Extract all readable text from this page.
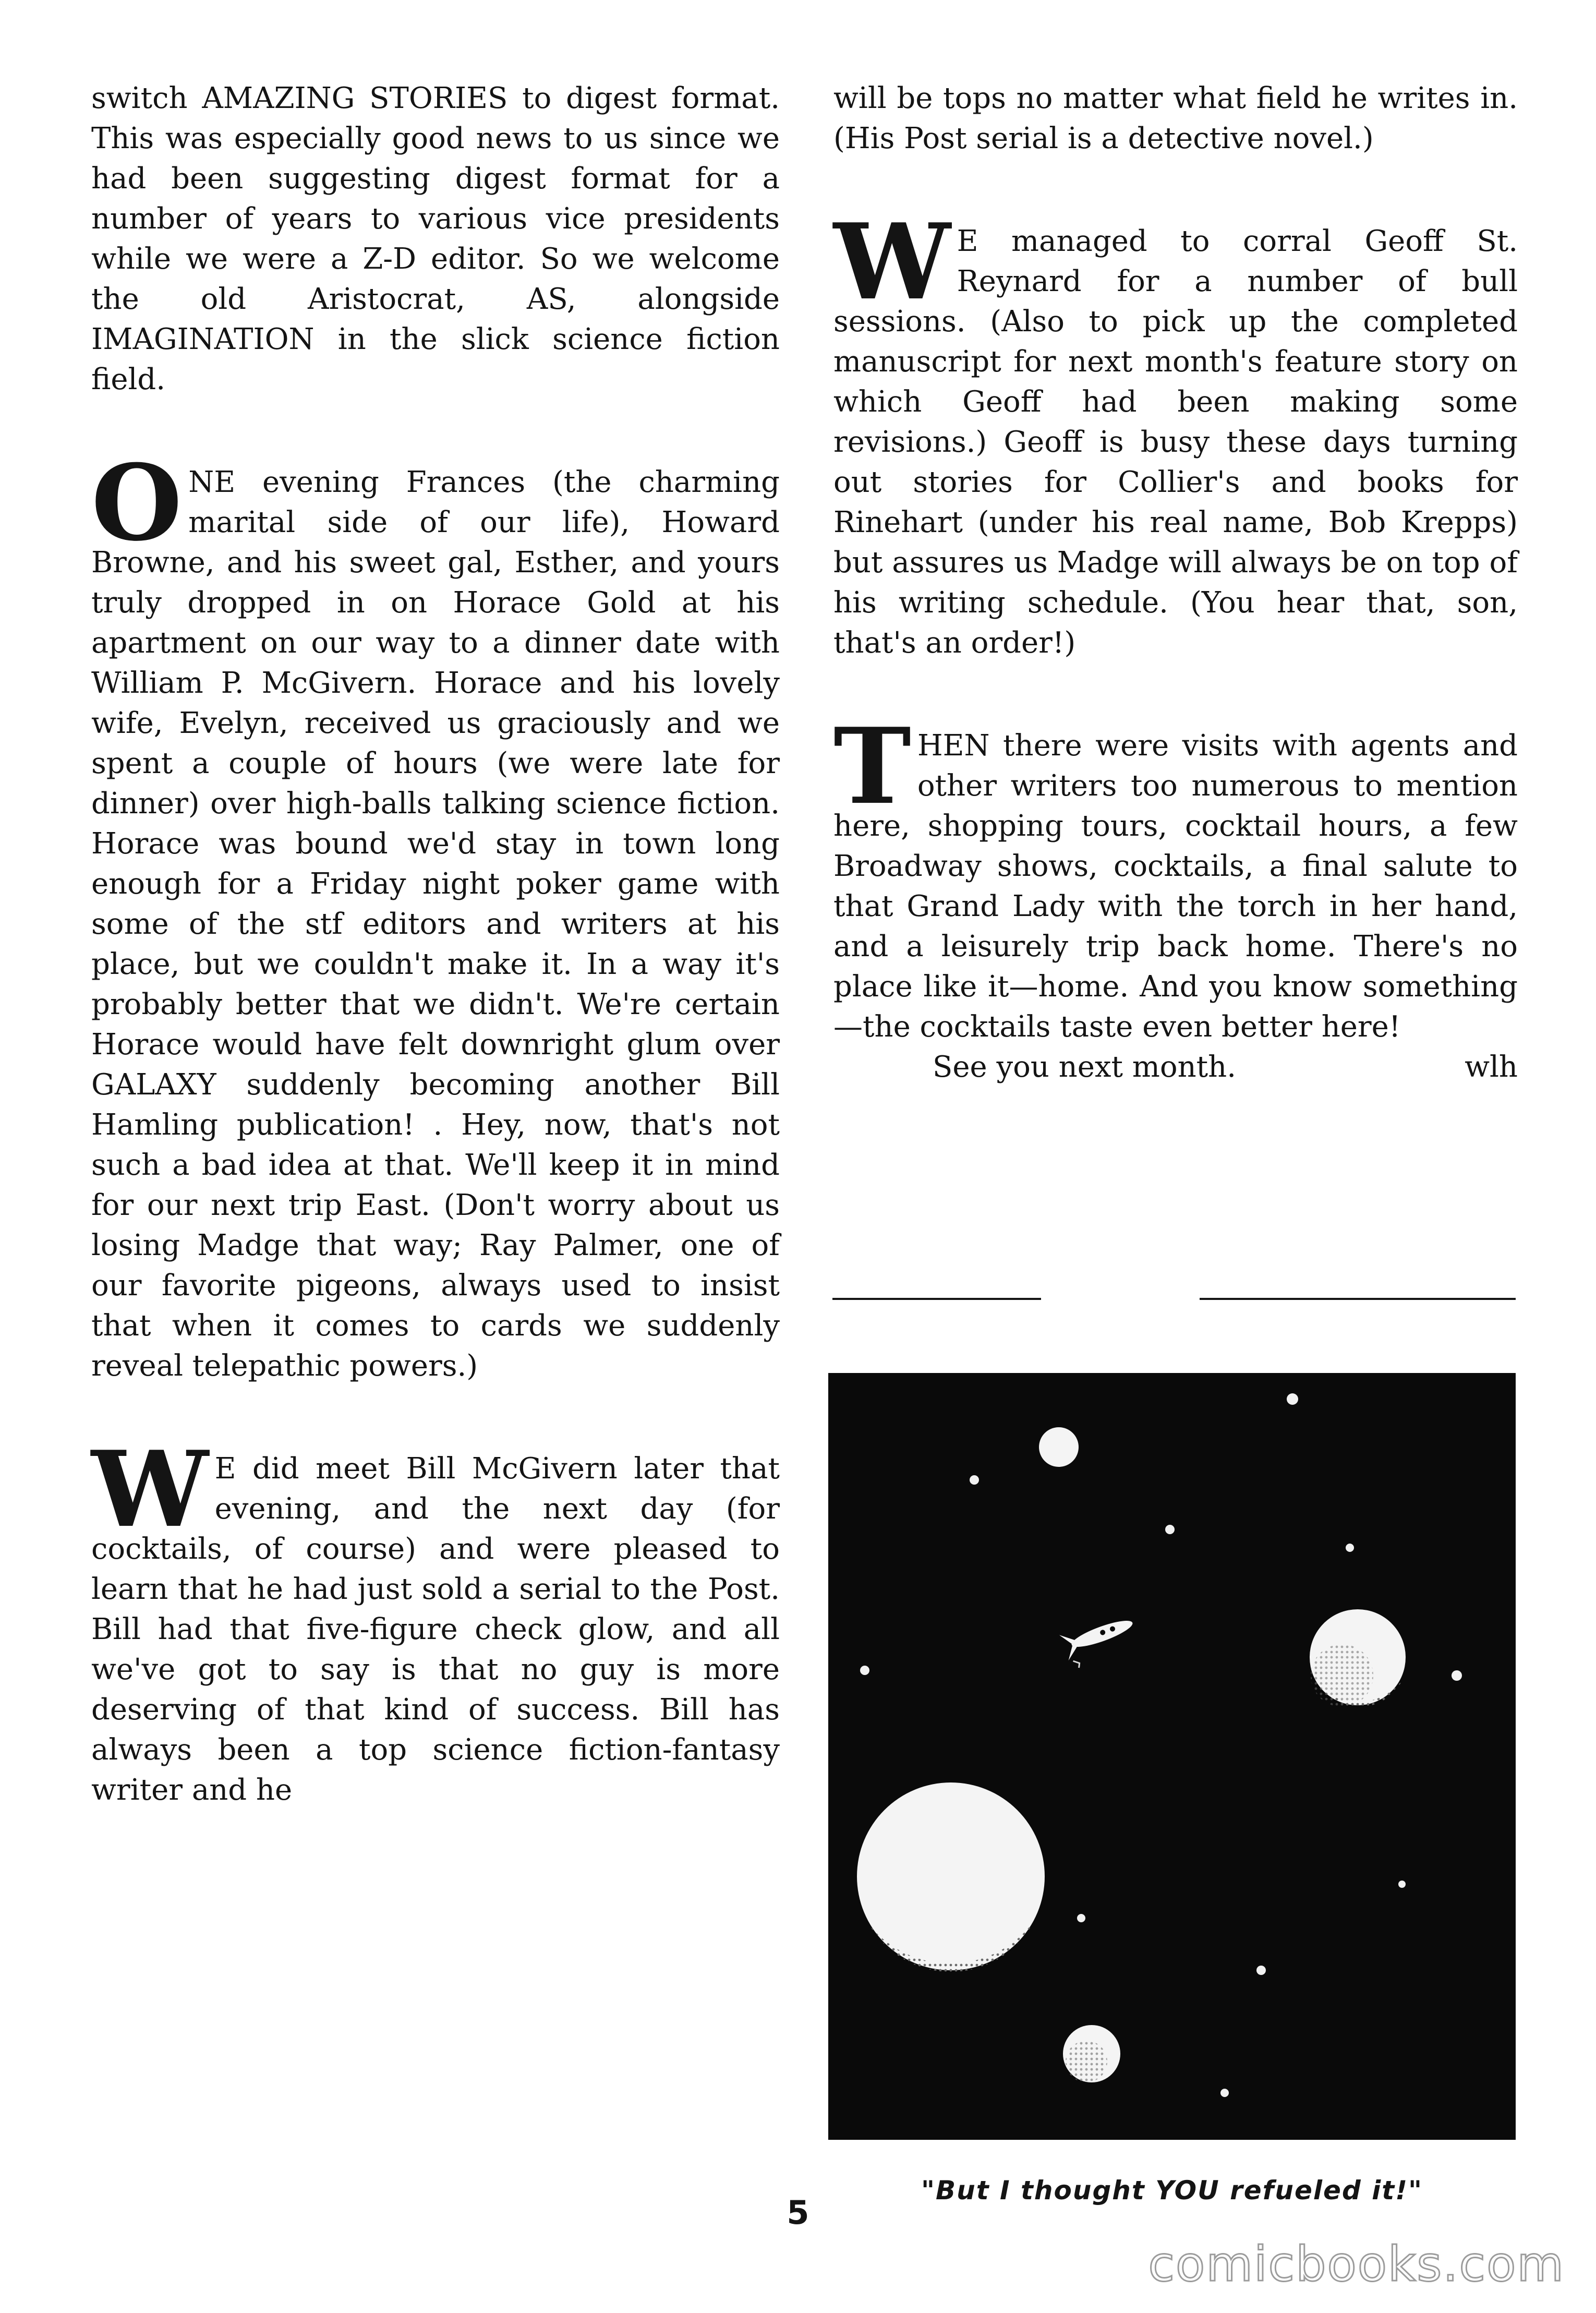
switch AMAZING STORIES to digest format. This was especially good news to us since we had been suggesting digest format for a number of years to various vice presidents while we were a Z-D editor. So we welcome the old Aristocrat, AS, alongside IMAGINATION in the slick science fiction field.

ONE evening Frances (the charming marital side of our life), Howard Browne, and his sweet gal, Esther, and yours truly dropped in on Horace Gold at his apartment on our way to a dinner date with William P. McGivern. Horace and his lovely wife, Evelyn, received us graciously and we spent a couple of hours (we were late for dinner) over high-balls talking science fiction. Horace was bound we'd stay in town long enough for a Friday night poker game with some of the stf editors and writers at his place, but we couldn't make it. In a way it's probably better that we didn't. We're certain Horace would have felt downright glum over GALAXY suddenly becoming another Bill Hamling publication! . Hey, now, that's not such a bad idea at that. We'll keep it in mind for our next trip East. (Don't worry about us losing Madge that way; Ray Palmer, one of our favorite pigeons, always used to insist that when it comes to cards we suddenly reveal telepathic powers.)

W E did meet Bill McGivern later that evening, and the next day (for cocktails, of course) and were pleased to learn that he had just sold a serial to the Post. Bill had that five-figure check glow, and all we've got to say is that no guy is more deserving of that kind of success. Bill has always been a top science fiction-fantasy writer and he

will be tops no matter what field he writes in. (His Post serial is a detective novel.)

W E managed to corral Geoff St. Reynard for a number of bull sessions. (Also to pick up the completed manuscript for next month's feature story on which Geoff had been making some revisions.) Geoff is busy these days turning out stories for Collier's and books for Rinehart (under his real name, Bob Krepps) but assures us Madge will always be on top of his writing schedule. (You hear that, son, that's an order!)

THEN there were visits with agents and other writers too numerous to mention here, shopping tours, cocktail hours, a few Broadway shows, cocktails, a final salute to that Grand Lady with the torch in her hand, and a leisurely trip back home. There's no place like it—home. And you know something—the cocktails taste even better here!

See you next month.	wlh
"But I thought YOU refueled it!"
5
comicbooks.com
